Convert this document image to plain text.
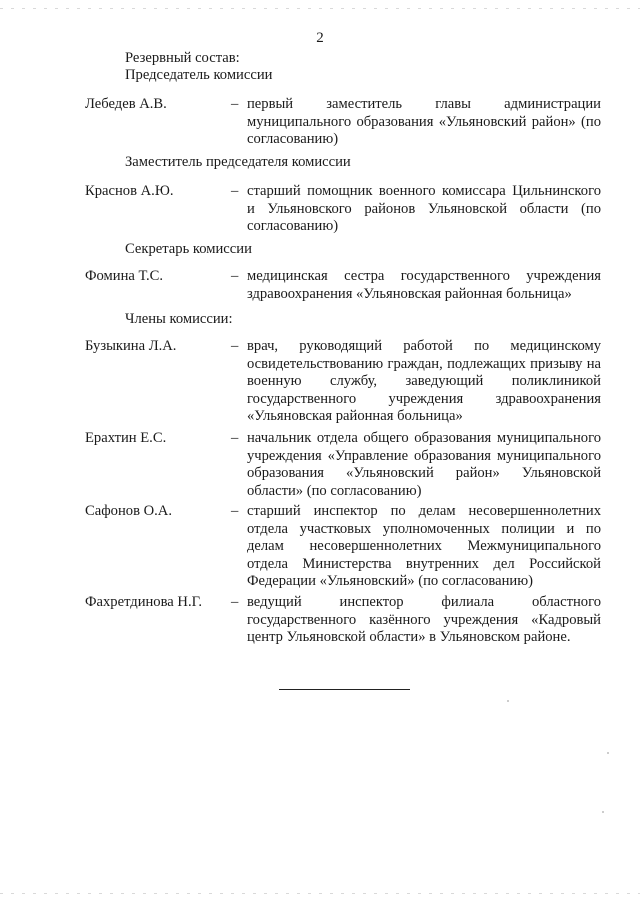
2
Резервный состав:
Председатель комиссии
Лебедев А.В.	– первый заместитель главы администрации муниципального образования «Ульяновский район» (по согласованию)
Заместитель председателя комиссии
Краснов А.Ю.	– старший помощник военного комиссара Цильнинского и Ульяновского районов Ульяновской области (по согласованию)
Секретарь комиссии
Фомина Т.С.	– медицинская сестра государственного учреждения здравоохранения «Ульяновская районная больница»
Члены комиссии:
Бузыкина Л.А.	– врач, руководящий работой по медицинскому освидетельствованию граждан, подлежащих призыву на военную службу, заведующий поликлиникой государственного учреждения здравоохранения «Ульяновская районная больница»
Ерахтин Е.С.	– начальник отдела общего образования муниципального учреждения «Управление образования муниципального образования «Ульяновский район» Ульяновской области» (по согласованию)
Сафонов О.А.	– старший инспектор по делам несовершеннолетних отдела участковых уполномоченных полиции и по делам несовершеннолетних Межмуниципального отдела Министерства внутренних дел Российской Федерации «Ульяновский» (по согласованию)
Фахретдинова Н.Г. – ведущий инспектор филиала областного государственного казённого учреждения «Кадровый центр Ульяновской области» в Ульяновском районе.
